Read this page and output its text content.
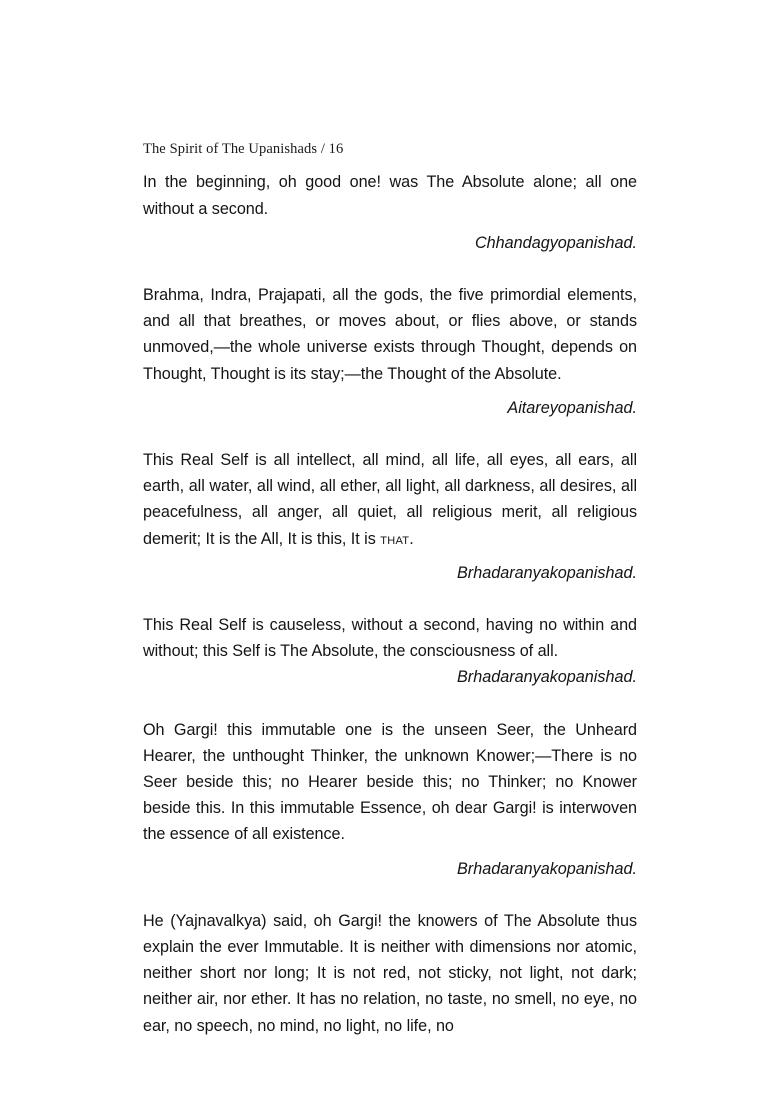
The Spirit of The Upanishads / 16

In the beginning, oh good one! was The Absolute alone; all one without a second.

Chhandagyopanishad.

Brahma, Indra, Prajapati, all the gods, the five primordial elements, and all that breathes, or moves about, or flies above, or stands unmoved,—the whole universe exists through Thought, depends on Thought, Thought is its stay;—the Thought of the Absolute.

Aitareyopanishad.

This Real Self is all intellect, all mind, all life, all eyes, all ears, all earth, all water, all wind, all ether, all light, all darkness, all desires, all peacefulness, all anger, all quiet, all religious merit, all religious demerit; It is the All, It is this, It is that.

Brhadaranyakopanishad.

This Real Self is causeless, without a second, having no within and without; this Self is The Absolute, the consciousness of all.

Brhadaranyakopanishad.

Oh Gargi! this immutable one is the unseen Seer, the Unheard Hearer, the unthought Thinker, the unknown Knower;—There is no Seer beside this; no Hearer beside this; no Thinker; no Knower beside this. In this immutable Essence, oh dear Gargi! is interwoven the essence of all existence.

Brhadaranyakopanishad.

He (Yajnavalkya) said, oh Gargi! the knowers of The Absolute thus explain the ever Immutable. It is neither with dimensions nor atomic, neither short nor long; It is not red, not sticky, not light, not dark; neither air, nor ether. It has no relation, no taste, no smell, no eye, no ear, no speech, no mind, no light, no life, no
